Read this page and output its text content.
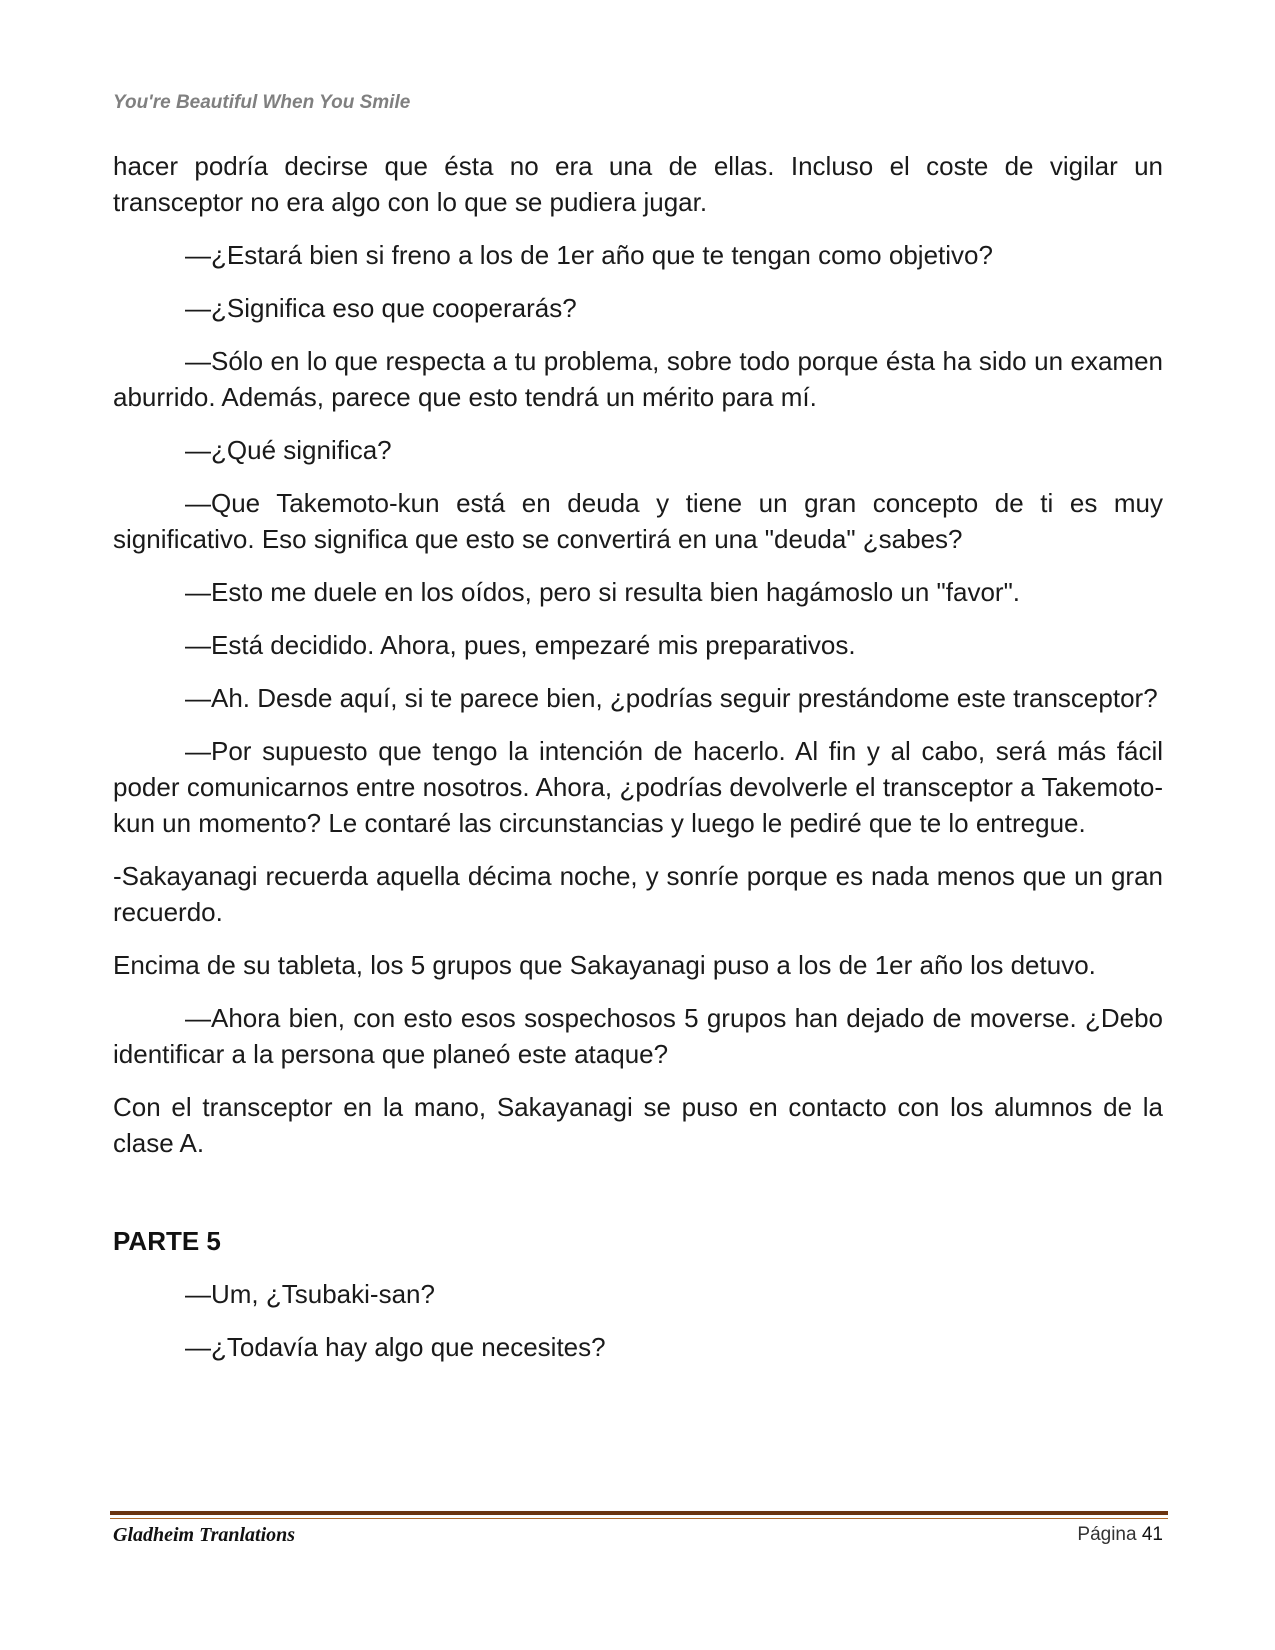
You're Beautiful When You Smile

hacer podría decirse que ésta no era una de ellas. Incluso el coste de vigilar un transceptor no era algo con lo que se pudiera jugar.

—¿Estará bien si freno a los de 1er año que te tengan como objetivo?

—¿Significa eso que cooperarás?

—Sólo en lo que respecta a tu problema, sobre todo porque ésta ha sido un examen aburrido. Además, parece que esto tendrá un mérito para mí.

—¿Qué significa?

—Que Takemoto-kun está en deuda y tiene un gran concepto de ti es muy significativo. Eso significa que esto se convertirá en una "deuda" ¿sabes?

—Esto me duele en los oídos, pero si resulta bien hagámoslo un "favor".

—Está decidido. Ahora, pues, empezaré mis preparativos.

—Ah. Desde aquí, si te parece bien, ¿podrías seguir prestándome este transceptor?

—Por supuesto que tengo la intención de hacerlo. Al fin y al cabo, será más fácil poder comunicarnos entre nosotros. Ahora, ¿podrías devolverle el transceptor a Takemoto-kun un momento? Le contaré las circunstancias y luego le pediré que te lo entregue.

-Sakayanagi recuerda aquella décima noche, y sonríe porque es nada menos que un gran recuerdo.

Encima de su tableta, los 5 grupos que Sakayanagi puso a los de 1er año los detuvo.

—Ahora bien, con esto esos sospechosos 5 grupos han dejado de moverse. ¿Debo identificar a la persona que planeó este ataque?

Con el transceptor en la mano, Sakayanagi se puso en contacto con los alumnos de la clase A.

PARTE 5

—Um, ¿Tsubaki-san?

—¿Todavía hay algo que necesites?

Gladheim Tranlations	Página 41
